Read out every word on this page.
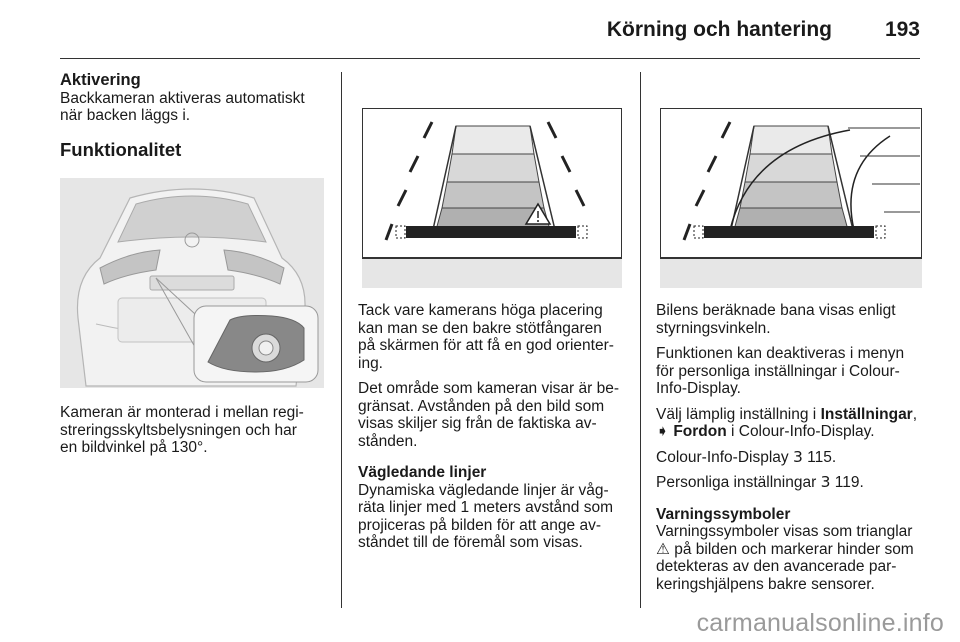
Körning och hantering	193
Aktivering
Backkameran aktiveras automatiskt
när backen läggs i.
Funktionalitet
Kameran är monterad i mellan regi-
streringsskyltsbelysningen och har
en bildvinkel på 130°.

Tack vare kamerans höga placering
kan man se den bakre stötfångaren
på skärmen för att få en god orienter-
ing.

Det område som kameran visar är be-
gränsat. Avstånden på den bild som
visas skiljer sig från de faktiska av-
stånden.

Vägledande linjer

Dynamiska vägledande linjer är våg-
räta linjer med 1 meters avstånd som
projiceras på bilden för att ange av-
ståndet till de föremål som visas.

Bilens beräknade bana visas enligt
styrningsvinkeln.

Funktionen kan deaktiveras i menyn
för personliga inställningar i Colour-
Info-Display.

Välj lämplig inställning i Inställningar,
➧ Fordon i Colour-Info-Display.

Colour-Info-Display 3 115.

Personliga inställningar 3 119.

Varningssymboler

Varningssymboler visas som trianglar
⚠ på bilden och markerar hinder som
detekteras av den avancerade par-
keringshjälpens bakre sensorer.

carmanualsonline.info
